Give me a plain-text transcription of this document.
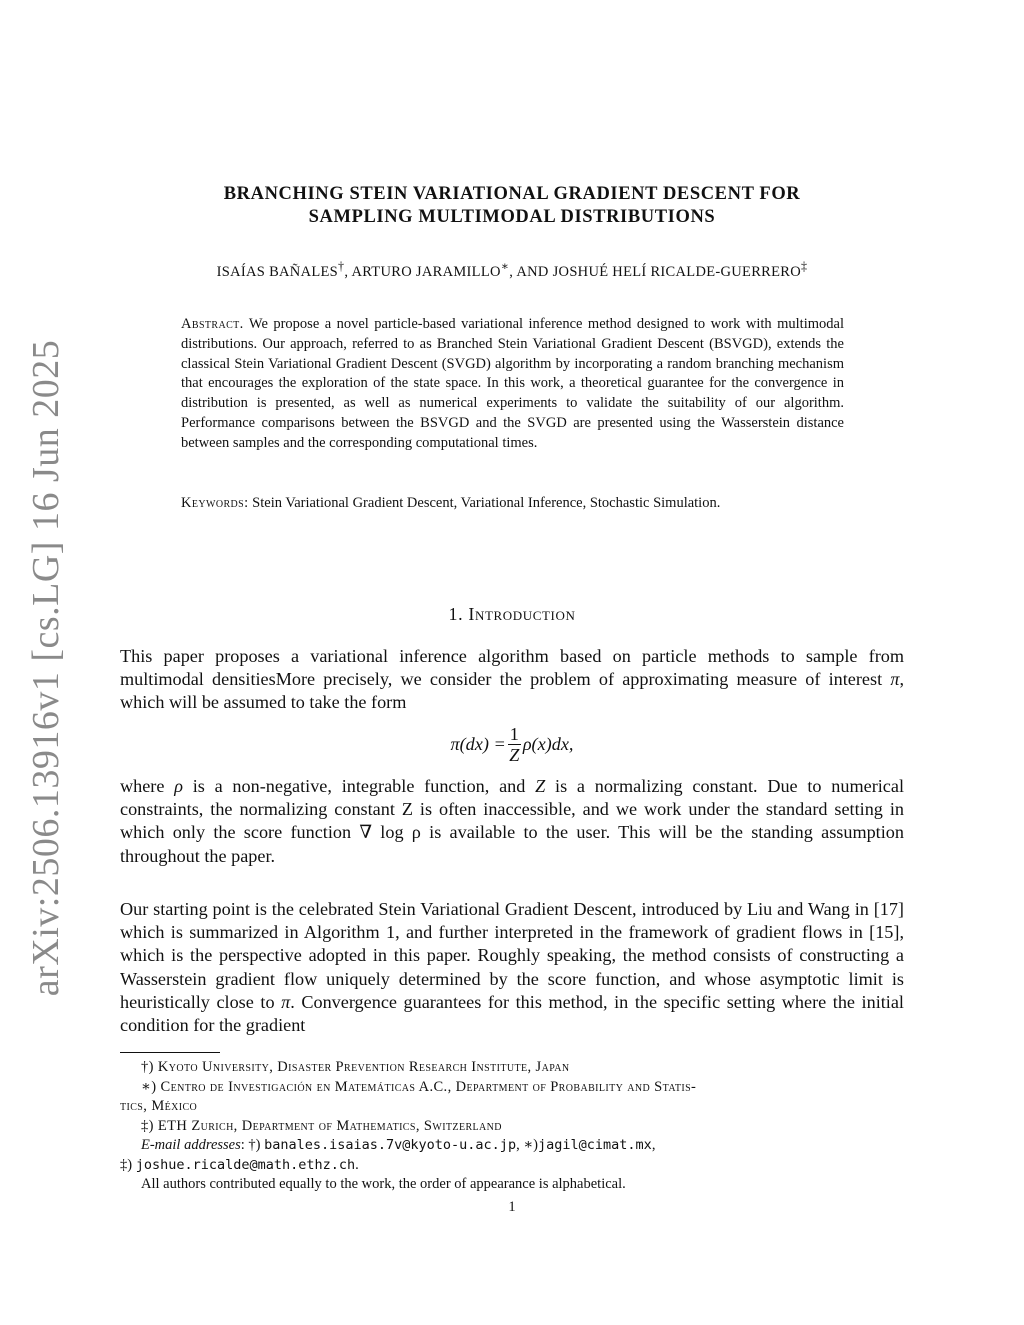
arXiv:2506.13916v1 [cs.LG] 16 Jun 2025
BRANCHING STEIN VARIATIONAL GRADIENT DESCENT FOR
SAMPLING MULTIMODAL DISTRIBUTIONS
ISAÍAS BAÑALES†, ARTURO JARAMILLO∗, AND JOSHUÉ HELÍ RICALDE-GUERRERO‡
Abstract. We propose a novel particle-based variational inference method designed to work with multimodal distributions. Our approach, referred to as Branched Stein Variational Gradient Descent (BSVGD), extends the classical Stein Variational Gradient Descent (SVGD) algorithm by incorporating a random branching mechanism that encourages the exploration of the state space. In this work, a theoretical guarantee for the convergence in distribution is presented, as well as numerical experiments to validate the suitability of our algorithm. Performance comparisons between the BSVGD and the SVGD are presented using the Wasserstein distance between samples and the corresponding computational times.
Keywords: Stein Variational Gradient Descent, Variational Inference, Stochastic Simulation.
1. Introduction
This paper proposes a variational inference algorithm based on particle methods to sample from multimodal densitiesMore precisely, we consider the problem of approximating measure of interest π, which will be assumed to take the form
$\pi(dx) = \frac{1}{Z} \rho(x)dx$,
where ρ is a non-negative, integrable function, and Z is a normalizing constant. Due to numerical constraints, the normalizing constant Z is often inaccessible, and we work under the standard setting in which only the score function ∇ log ρ is available to the user. This will be the standing assumption throughout the paper.
Our starting point is the celebrated Stein Variational Gradient Descent, introduced by Liu and Wang in [17] which is summarized in Algorithm 1, and further interpreted in the framework of gradient flows in [15], which is the perspective adopted in this paper. Roughly speaking, the method consists of constructing a Wasserstein gradient flow uniquely determined by the score function, and whose asymptotic limit is heuristically close to π. Convergence guarantees for this method, in the specific setting where the initial condition for the gradient
†) Kyoto University, Disaster Prevention Research Institute, Japan
∗) Centro de Investigación en Matemáticas A.C., Department of Probability and Statis-
tics, México
‡) ETH Zurich, Department of Mathematics, Switzerland
E-mail addresses: †) banales.isaias.7v@kyoto-u.ac.jp, ∗)jagil@cimat.mx,
‡) joshue.ricalde@math.ethz.ch.
All authors contributed equally to the work, the order of appearance is alphabetical.
1
